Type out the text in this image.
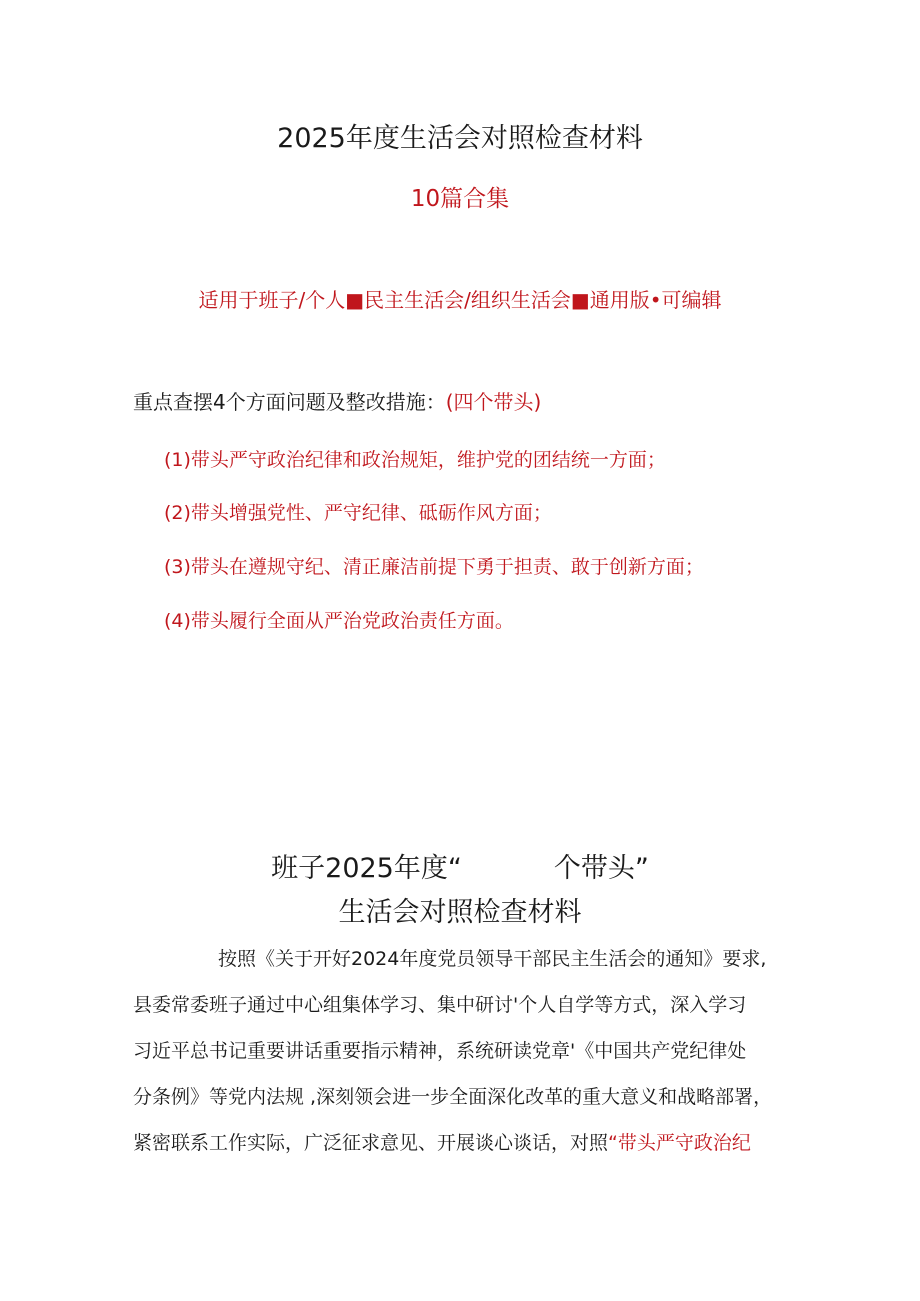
2025年度生活会对照检查材料
10篇合集
适用于班子/个人■民主生活会/组织生活会■通用版•可编辑
重点查摆4个方面问题及整改措施：(四个带头)
(1)带头严守政治纪律和政治规矩，维护党的团结统一方面；
(2)带头增强党性、严守纪律、砥砺作风方面；
(3)带头在遵规守纪、清正廉洁前提下勇于担责、敢于创新方面；
(4)带头履行全面从严治党政治责任方面。
班子2025年度“	个带头”
生活会对照检查材料
按照《关于开好2024年度党员领导干部民主生活会的通知》要求,
县委常委班子通过中心组集体学习、集中研讨'个人自学等方式，深入学习
习近平总书记重要讲话重要指示精神，系统研读党章'《中国共产党纪律处
分条例》等党内法规 ,深刻领会进一步全面深化改革的重大意义和战略部署，
紧密联系工作实际，广泛征求意见、开展谈心谈话，对照“带头严守政治纪
